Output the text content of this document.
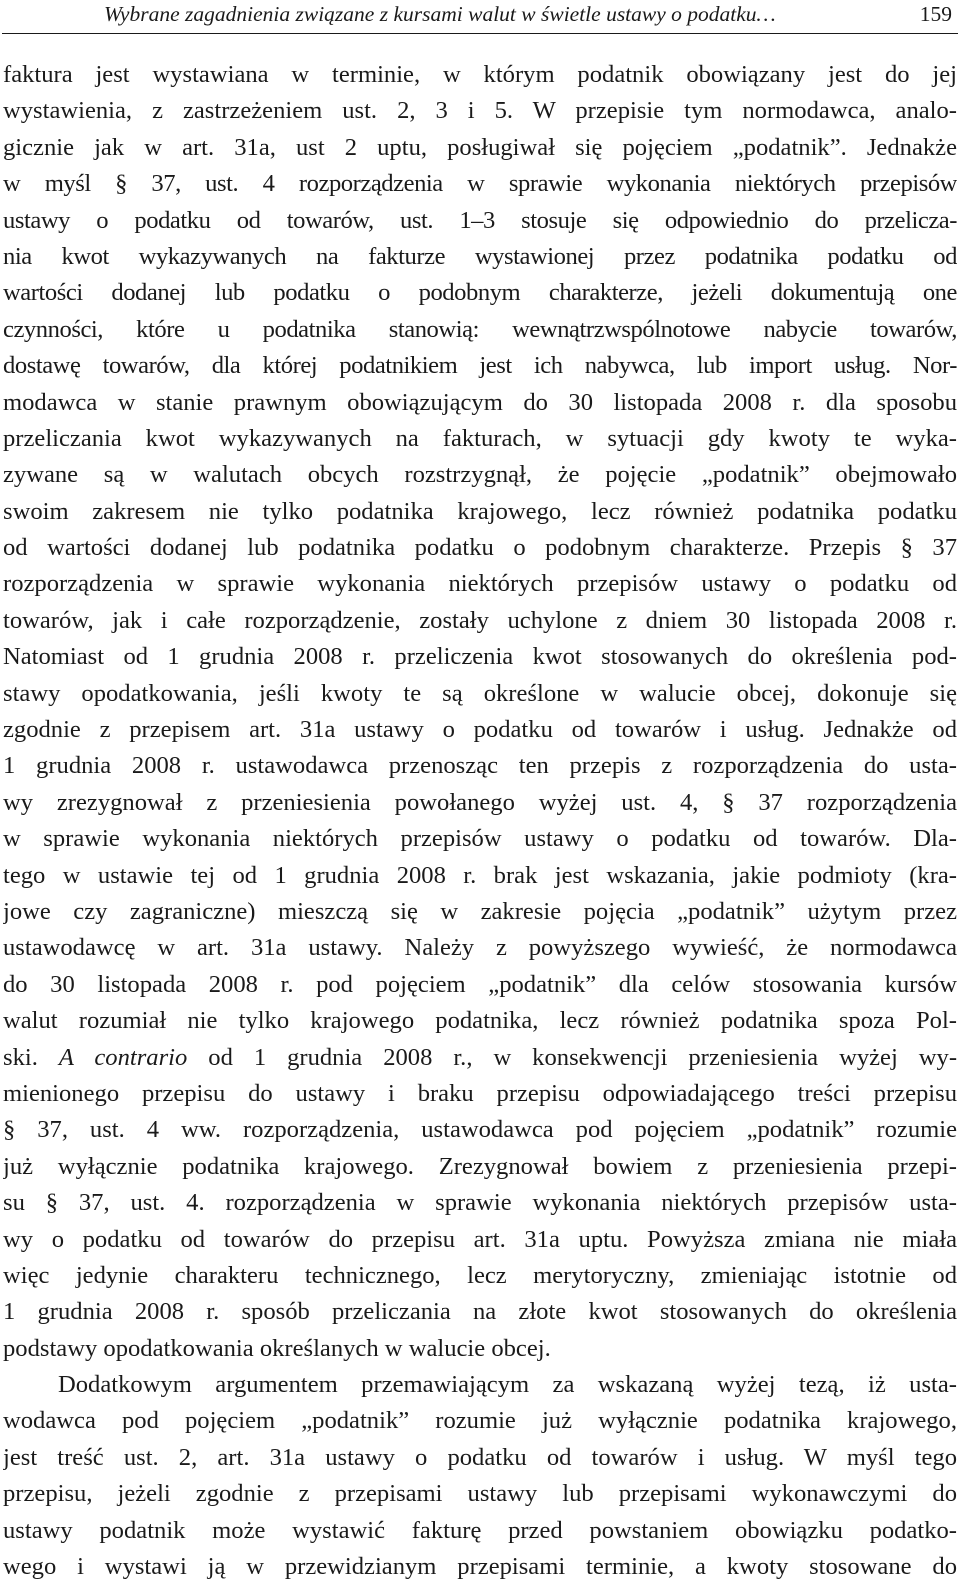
Wybrane zagadnienia związane z kursami walut w świetle ustawy o podatku…	159
faktura jest wystawiana w terminie, w którym podatnik obowiązany jest do jej
wystawienia, z zastrzeżeniem ust. 2, 3 i 5. W przepisie tym normodawca, analo-
gicznie jak w art. 31a, ust 2 uptu, posługiwał się pojęciem „podatnik”. Jednakże
w myśl § 37, ust. 4 rozporządzenia w sprawie wykonania niektórych przepisów
ustawy o podatku od towarów, ust. 1–3 stosuje się odpowiednio do przelicza-
nia kwot wykazywanych na fakturze wystawionej przez podatnika podatku od
wartości dodanej lub podatku o podobnym charakterze, jeżeli dokumentują one
czynności, które u podatnika stanowią: wewnątrzwspólnotowe nabycie towarów,
dostawę towarów, dla której podatnikiem jest ich nabywca, lub import usług. Nor-
modawca w stanie prawnym obowiązującym do 30 listopada 2008 r. dla sposobu
przeliczania kwot wykazywanych na fakturach, w sytuacji gdy kwoty te wyka-
zywane są w walutach obcych rozstrzygnął, że pojęcie „podatnik” obejmowało
swoim zakresem nie tylko podatnika krajowego, lecz również podatnika podatku
od wartości dodanej lub podatnika podatku o podobnym charakterze. Przepis § 37
rozporządzenia w sprawie wykonania niektórych przepisów ustawy o podatku od
towarów, jak i całe rozporządzenie, zostały uchylone z dniem 30 listopada 2008 r.
Natomiast od 1 grudnia 2008 r. przeliczenia kwot stosowanych do określenia pod-
stawy opodatkowania, jeśli kwoty te są określone w walucie obcej, dokonuje się
zgodnie z przepisem art. 31a ustawy o podatku od towarów i usług. Jednakże od
1 grudnia 2008 r. ustawodawca przenosząc ten przepis z rozporządzenia do usta-
wy zrezygnował z przeniesienia powołanego wyżej ust. 4, § 37 rozporządzenia
w sprawie wykonania niektórych przepisów ustawy o podatku od towarów. Dla-
tego w ustawie tej od 1 grudnia 2008 r. brak jest wskazania, jakie podmioty (kra-
jowe czy zagraniczne) mieszczą się w zakresie pojęcia „podatnik” użytym przez
ustawodawcę w art. 31a ustawy. Należy z powyższego wywieść, że normodawca
do 30 listopada 2008 r. pod pojęciem „podatnik” dla celów stosowania kursów
walut rozumiał nie tylko krajowego podatnika, lecz również podatnika spoza Pol-
ski. A contrario od 1 grudnia 2008 r., w konsekwencji przeniesienia wyżej wy-
mienionego przepisu do ustawy i braku przepisu odpowiadającego treści przepisu
§ 37, ust. 4 ww. rozporządzenia, ustawodawca pod pojęciem „podatnik” rozumie
już wyłącznie podatnika krajowego. Zrezygnował bowiem z przeniesienia przepi-
su § 37, ust. 4. rozporządzenia w sprawie wykonania niektórych przepisów usta-
wy o podatku od towarów do przepisu art. 31a uptu. Powyższa zmiana nie miała
więc jedynie charakteru technicznego, lecz merytoryczny, zmieniając istotnie od
1 grudnia 2008 r. sposób przeliczania na złote kwot stosowanych do określenia
podstawy opodatkowania określanych w walucie obcej.
Dodatkowym argumentem przemawiającym za wskazaną wyżej tezą, iż usta-
wodawca pod pojęciem „podatnik” rozumie już wyłącznie podatnika krajowego,
jest treść ust. 2, art. 31a ustawy o podatku od towarów i usług. W myśl tego
przepisu, jeżeli zgodnie z przepisami ustawy lub przepisami wykonawczymi do
ustawy podatnik może wystawić fakturę przed powstaniem obowiązku podatko-
wego i wystawi ją w przewidzianym przepisami terminie, a kwoty stosowane do
